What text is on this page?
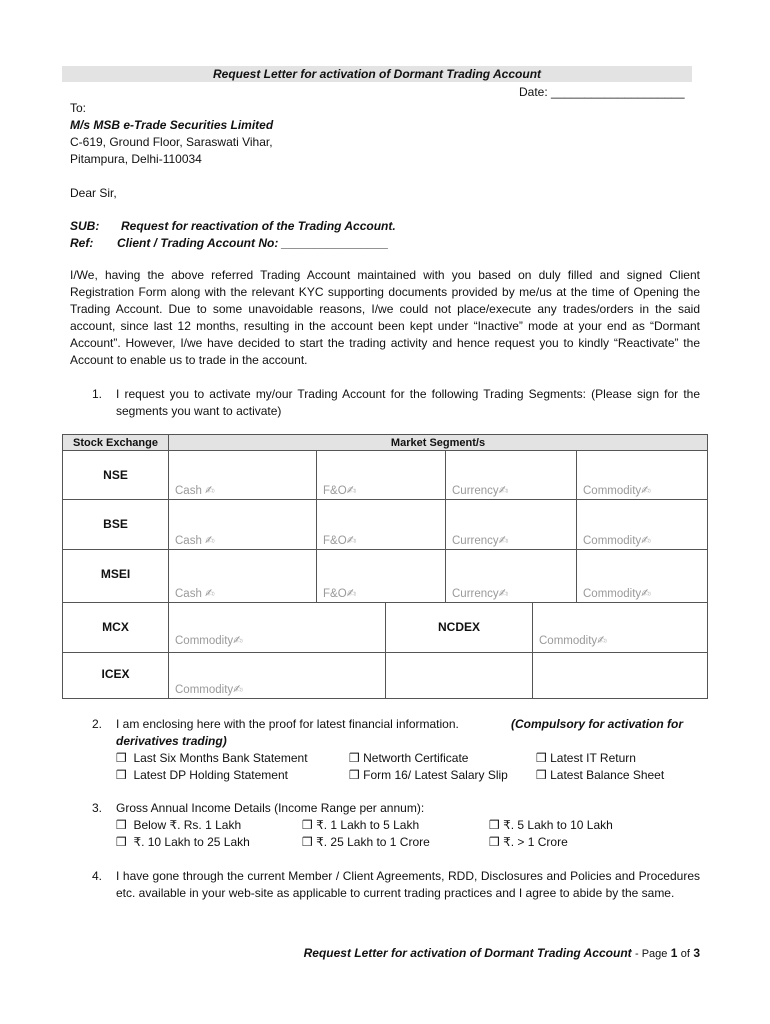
Request Letter for activation of Dormant Trading Account
Date: ____________________
To:
M/s MSB e-Trade Securities Limited
C-619, Ground Floor, Saraswati Vihar,
Pitampura, Delhi-110034
Dear Sir,
SUB: Request for reactivation of the Trading Account.
Ref: Client / Trading Account No: ________________
I/We, having the above referred Trading Account maintained with you based on duly filled and signed Client Registration Form along with the relevant KYC supporting documents provided by me/us at the time of Opening the Trading Account. Due to some unavoidable reasons, I/we could not place/execute any trades/orders in the said account, since last 12 months, resulting in the account been kept under “Inactive” mode at your end as “Dormant Account”. However, I/we have decided to start the trading activity and hence request you to kindly “Reactivate” the Account to enable us to trade in the account.
1. I request you to activate my/our Trading Account for the following Trading Segments: (Please sign for the segments you want to activate)
Stock Exchange	Market Segment/s					
NSE	Cash ✍	F&O✍		Currency✍		Commodity✍

BSE	Cash ✍	F&O✍		Currency✍		Commodity✍

MSEI	Cash ✍	F&O✍		Currency✍		Commodity✍

MCX	Commodity✍		NCDEX		Commodity✍	

ICEX	Commodity✍					

2. I am enclosing here with the proof for latest financial information.	(Compulsory for activation for
derivatives trading)
❒ Last Six Months Bank Statement	❒ Networth Certificate	❒ Latest IT Return
❒ Latest DP Holding Statement	❒ Form 16/ Latest Salary Slip ❒ Latest Balance Sheet
3. Gross Annual Income Details (Income Range per annum):
❒ Below ₹. Rs. 1 Lakh	❒ ₹. 1 Lakh to 5 Lakh	❒ ₹. 5 Lakh to 10 Lakh
❒ ₹. 10 Lakh to 25 Lakh	❒ ₹. 25 Lakh to 1 Crore	❒ ₹. > 1 Crore
4. I have gone through the current Member / Client Agreements, RDD, Disclosures and Policies and Procedures etc. available in your web-site as applicable to current trading practices and I agree to abide by the same.
Request Letter for activation of Dormant Trading Account - Page 1 of 3
